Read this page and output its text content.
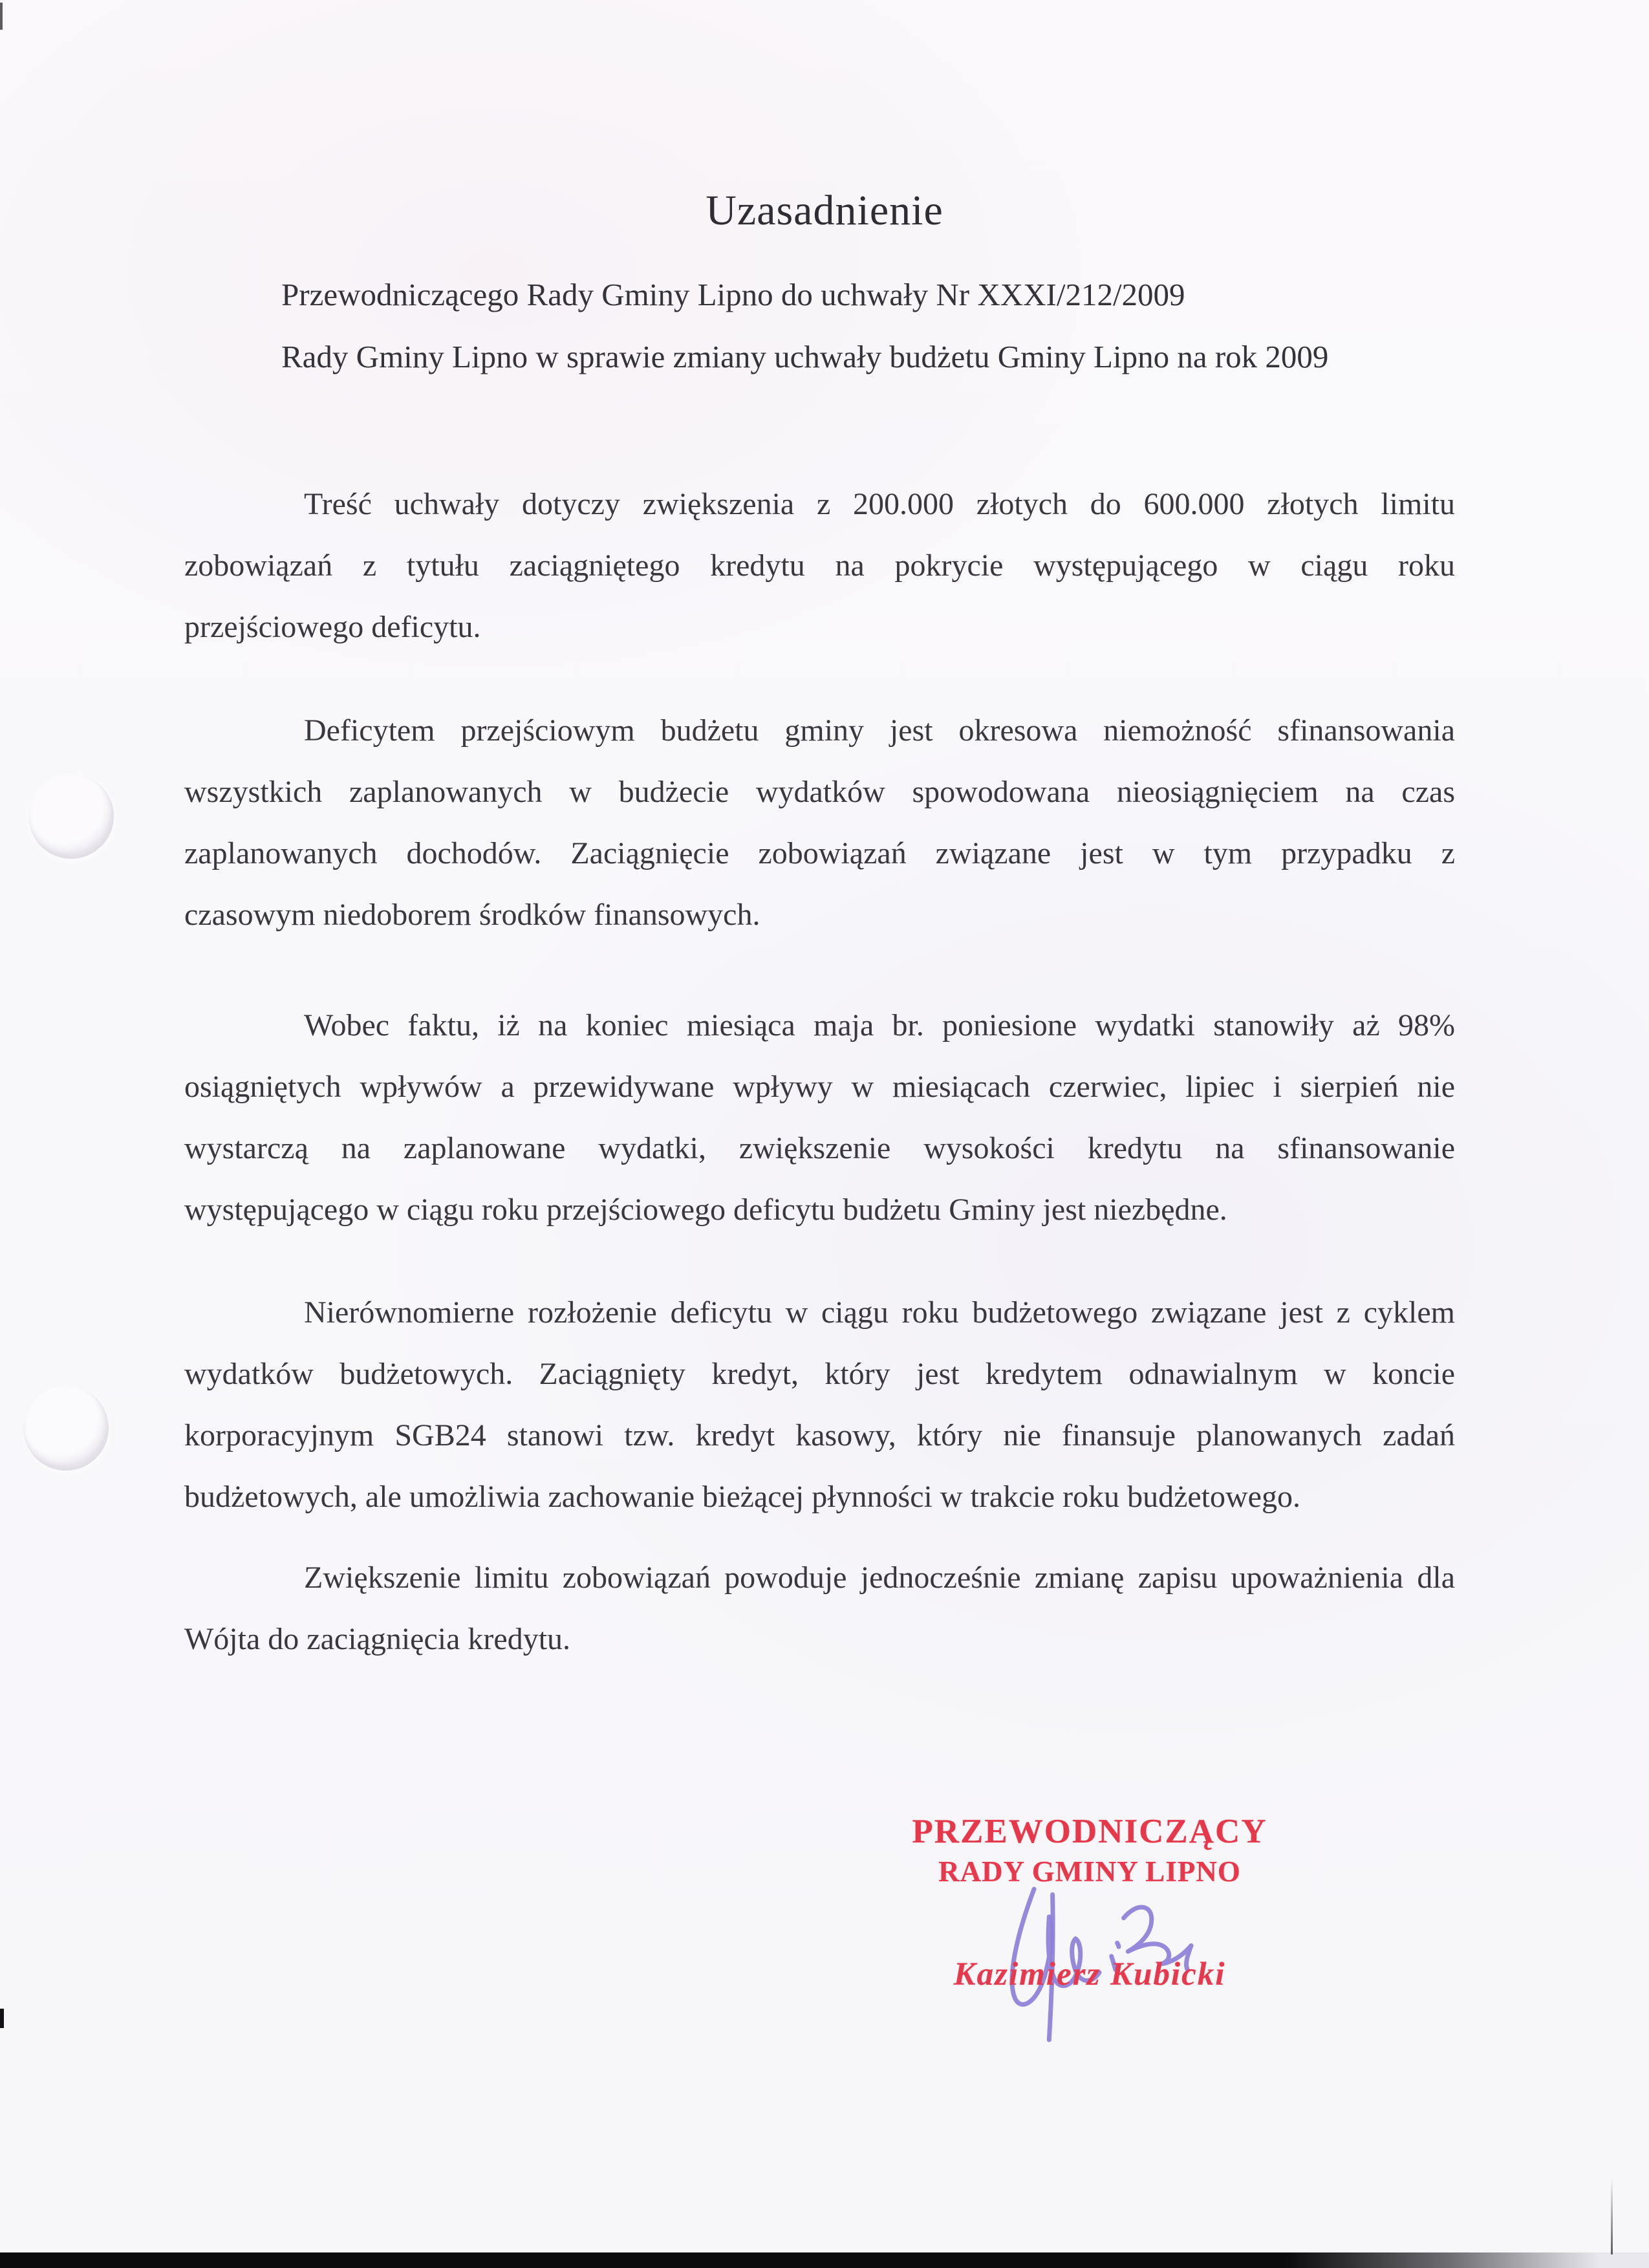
Uzasadnienie
Przewodniczącego Rady Gminy Lipno do uchwały Nr XXXI/212/2009
Rady Gminy Lipno w sprawie zmiany uchwały budżetu Gminy Lipno na rok 2009
Treść uchwały dotyczy zwiększenia z 200.000 złotych do 600.000 złotych limitu
zobowiązań z tytułu zaciągniętego kredytu na pokrycie występującego w ciągu roku
przejściowego deficytu.
Deficytem przejściowym budżetu gminy jest okresowa niemożność sfinansowania
wszystkich zaplanowanych w budżecie wydatków spowodowana nieosiągnięciem na czas
zaplanowanych dochodów. Zaciągnięcie zobowiązań związane jest w tym przypadku z
czasowym niedoborem środków finansowych.
Wobec faktu, iż na koniec miesiąca maja br. poniesione wydatki stanowiły aż 98%
osiągniętych wpływów a przewidywane wpływy w miesiącach czerwiec, lipiec i sierpień nie
wystarczą na zaplanowane wydatki, zwiększenie wysokości kredytu na sfinansowanie
występującego w ciągu roku przejściowego deficytu budżetu Gminy jest niezbędne.
Nierównomierne rozłożenie deficytu w ciągu roku budżetowego związane jest z cyklem
wydatków budżetowych. Zaciągnięty kredyt, który jest kredytem odnawialnym w koncie
korporacyjnym SGB24 stanowi tzw. kredyt kasowy, który nie finansuje planowanych zadań
budżetowych, ale umożliwia zachowanie bieżącej płynności w trakcie roku budżetowego.
Zwiększenie limitu zobowiązań powoduje jednocześnie zmianę zapisu upoważnienia dla
Wójta do zaciągnięcia kredytu.
PRZEWODNICZĄCY
RADY GMINY LIPNO
Kazimierz Kubicki
